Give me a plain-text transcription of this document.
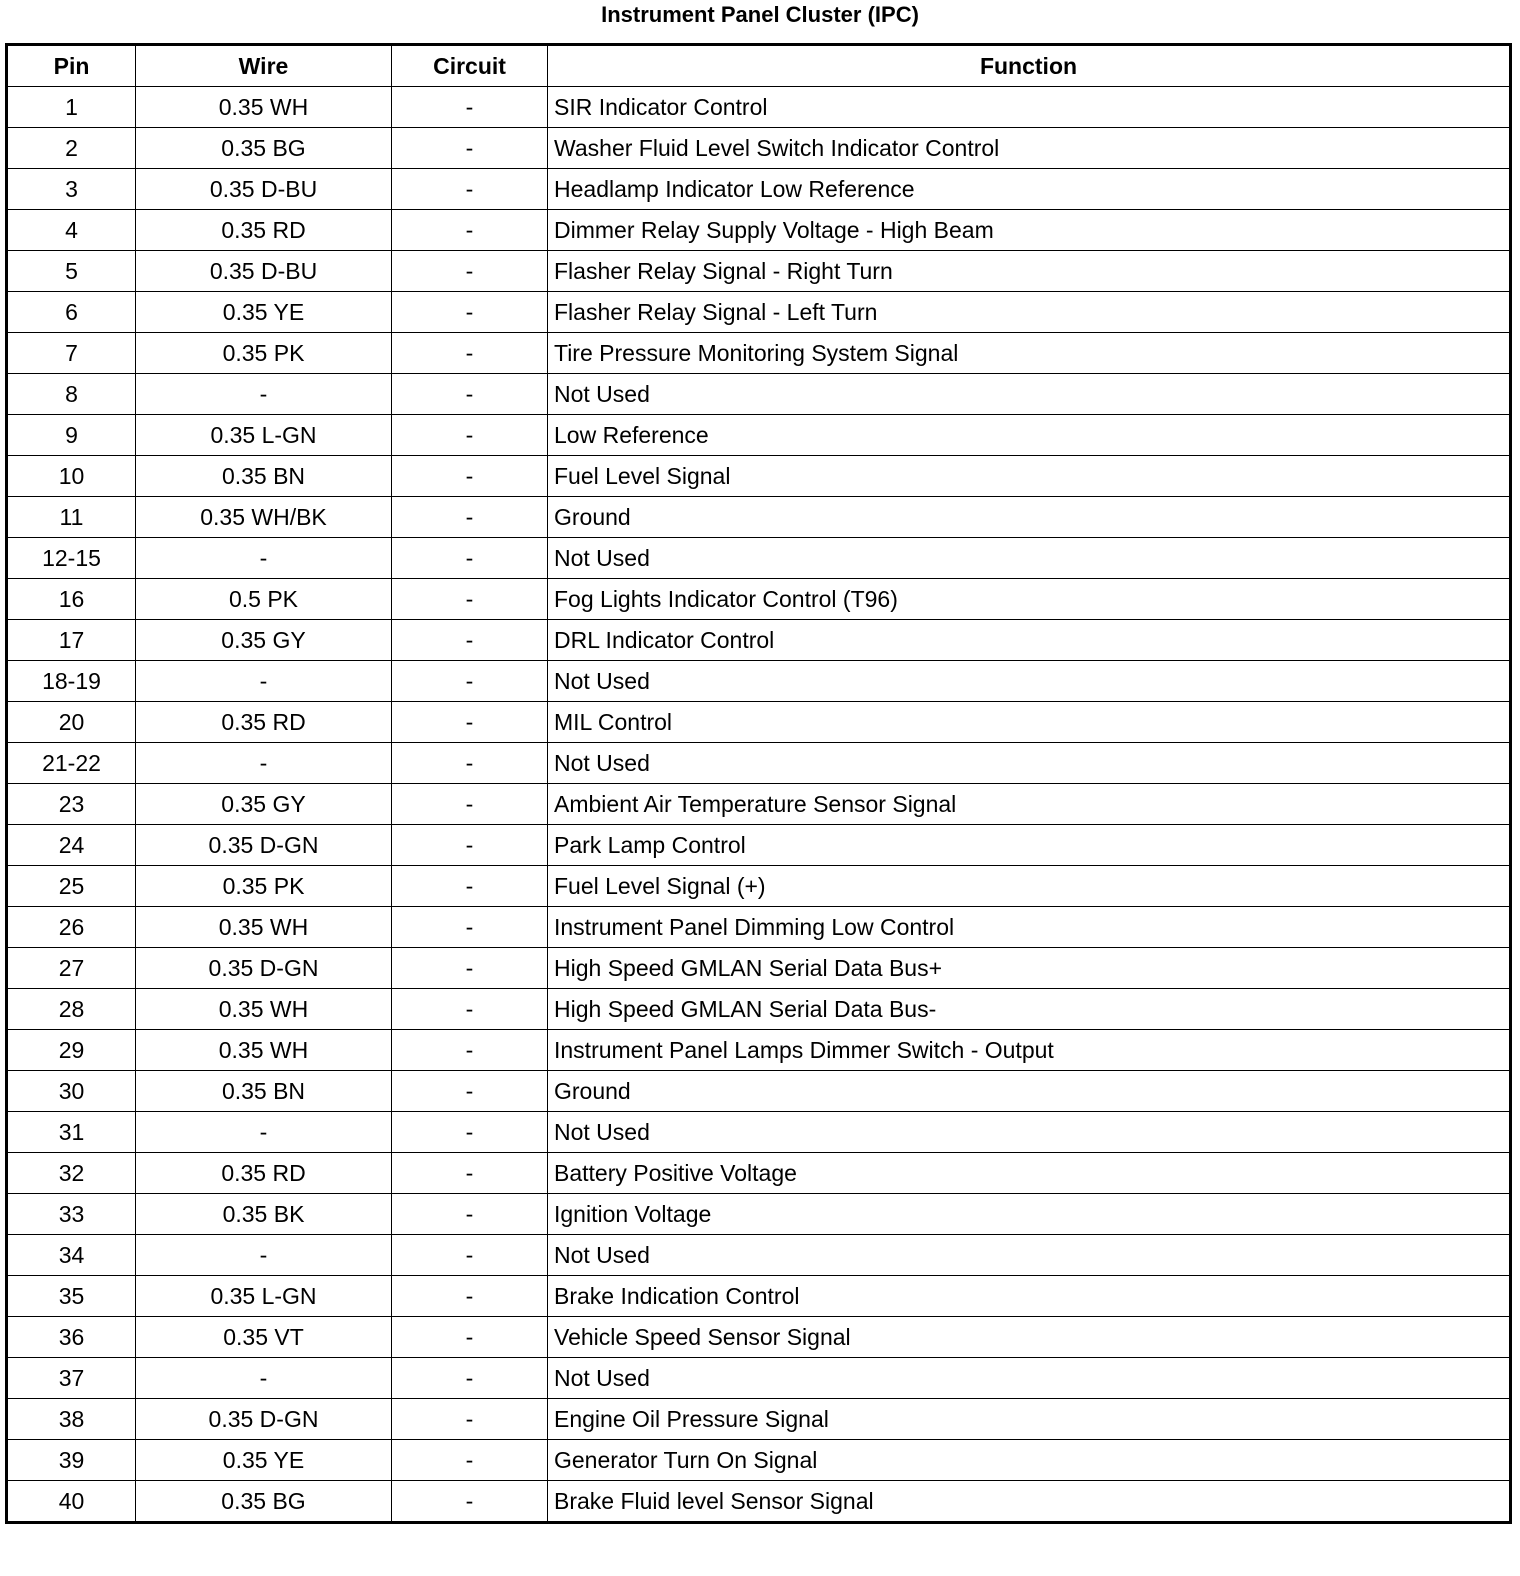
Instrument Panel Cluster (IPC)
Pin	Wire	Circuit	Function
1	0.35 WH	-	SIR Indicator Control
2	0.35 BG	-	Washer Fluid Level Switch Indicator Control
3	0.35 D-BU	-	Headlamp Indicator Low Reference
4	0.35 RD	-	Dimmer Relay Supply Voltage - High Beam
5	0.35 D-BU	-	Flasher Relay Signal - Right Turn
6	0.35 YE	-	Flasher Relay Signal - Left Turn
7	0.35 PK	-	Tire Pressure Monitoring System Signal
8	-	-	Not Used
9	0.35 L-GN	-	Low Reference
10	0.35 BN	-	Fuel Level Signal
11	0.35 WH/BK	-	Ground
12-15	-	-	Not Used
16	0.5 PK	-	Fog Lights Indicator Control (T96)
17	0.35 GY	-	DRL Indicator Control
18-19	-	-	Not Used
20	0.35 RD	-	MIL Control
21-22	-	-	Not Used
23	0.35 GY	-	Ambient Air Temperature Sensor Signal
24	0.35 D-GN	-	Park Lamp Control
25	0.35 PK	-	Fuel Level Signal (+)
26	0.35 WH	-	Instrument Panel Dimming Low Control
27	0.35 D-GN	-	High Speed GMLAN Serial Data Bus+
28	0.35 WH	-	High Speed GMLAN Serial Data Bus-
29	0.35 WH	-	Instrument Panel Lamps Dimmer Switch - Output
30	0.35 BN	-	Ground
31	-	-	Not Used
32	0.35 RD	-	Battery Positive Voltage
33	0.35 BK	-	Ignition Voltage
34	-	-	Not Used
35	0.35 L-GN	-	Brake Indication Control
36	0.35 VT	-	Vehicle Speed Sensor Signal
37	-	-	Not Used
38	0.35 D-GN	-	Engine Oil Pressure Signal
39	0.35 YE	-	Generator Turn On Signal
40	0.35 BG	-	Brake Fluid level Sensor Signal
